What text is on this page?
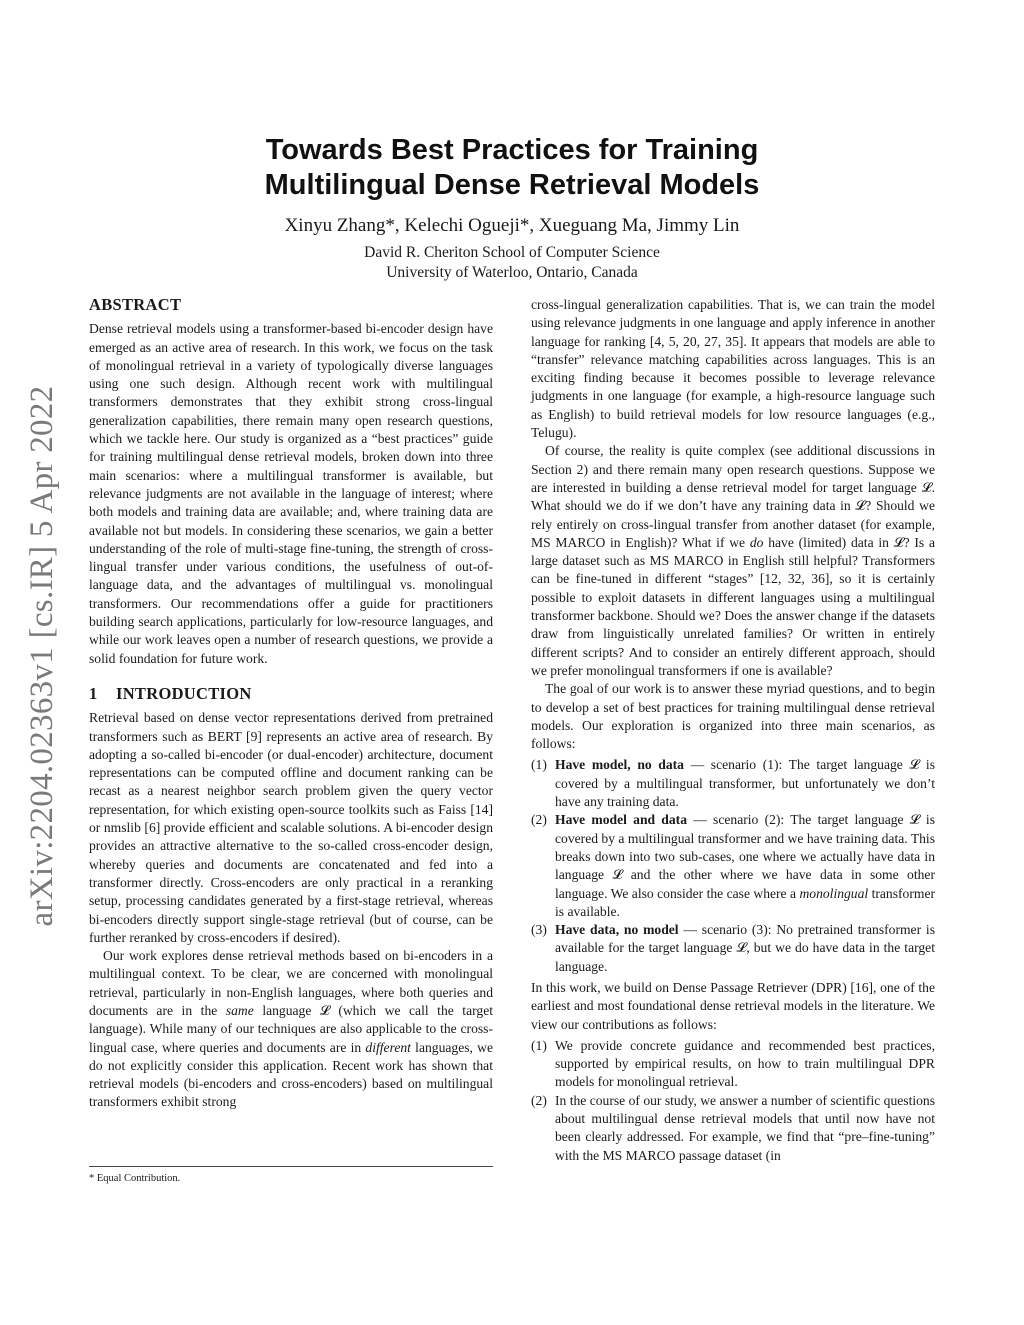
arXiv:2204.02363v1 [cs.IR] 5 Apr 2022
Towards Best Practices for Training
Multilingual Dense Retrieval Models
Xinyu Zhang*, Kelechi Ogueji*, Xueguang Ma, Jimmy Lin
David R. Cheriton School of Computer Science
University of Waterloo, Ontario, Canada
ABSTRACT

Dense retrieval models using a transformer-based bi-encoder design have emerged as an active area of research. In this work, we focus on the task of monolingual retrieval in a variety of typologically diverse languages using one such design. Although recent work with multilingual transformers demonstrates that they exhibit strong cross-lingual generalization capabilities, there remain many open research questions, which we tackle here. Our study is organized as a “best practices” guide for training multilingual dense retrieval models, broken down into three main scenarios: where a multilingual transformer is available, but relevance judgments are not available in the language of interest; where both models and training data are available; and, where training data are available not but models. In considering these scenarios, we gain a better understanding of the role of multi-stage fine-tuning, the strength of cross-lingual transfer under various conditions, the usefulness of out-of-language data, and the advantages of multilingual vs. monolingual transformers. Our recommendations offer a guide for practitioners building search applications, particularly for low-resource languages, and while our work leaves open a number of research questions, we provide a solid foundation for future work.

1 INTRODUCTION

Retrieval based on dense vector representations derived from pretrained transformers such as BERT [9] represents an active area of research. By adopting a so-called bi-encoder (or dual-encoder) architecture, document representations can be computed offline and document ranking can be recast as a nearest neighbor search problem given the query vector representation, for which existing open-source toolkits such as Faiss [14] or nmslib [6] provide efficient and scalable solutions. A bi-encoder design provides an attractive alternative to the so-called cross-encoder design, whereby queries and documents are concatenated and fed into a transformer directly. Cross-encoders are only practical in a reranking setup, processing candidates generated by a first-stage retrieval, whereas bi-encoders directly support single-stage retrieval (but of course, can be further reranked by cross-encoders if desired).

Our work explores dense retrieval methods based on bi-encoders in a multilingual context. To be clear, we are concerned with monolingual retrieval, particularly in non-English languages, where both queries and documents are in the same language 𝓛 (which we call the target language). While many of our techniques are also applicable to the cross-lingual case, where queries and documents are in different languages, we do not explicitly consider this application. Recent work has shown that retrieval models (bi-encoders and cross-encoders) based on multilingual transformers exhibit strong

cross-lingual generalization capabilities. That is, we can train the model using relevance judgments in one language and apply inference in another language for ranking [4, 5, 20, 27, 35]. It appears that models are able to “transfer” relevance matching capabilities across languages. This is an exciting finding because it becomes possible to leverage relevance judgments in one language (for example, a high-resource language such as English) to build retrieval models for low resource languages (e.g., Telugu).

Of course, the reality is quite complex (see additional discussions in Section 2) and there remain many open research questions. Suppose we are interested in building a dense retrieval model for target language 𝓛. What should we do if we don’t have any training data in 𝓛? Should we rely entirely on cross-lingual transfer from another dataset (for example, MS MARCO in English)? What if we do have (limited) data in 𝓛? Is a large dataset such as MS MARCO in English still helpful? Transformers can be fine-tuned in different “stages” [12, 32, 36], so it is certainly possible to exploit datasets in different languages using a multilingual transformer backbone. Should we? Does the answer change if the datasets draw from linguistically unrelated families? Or written in entirely different scripts? And to consider an entirely different approach, should we prefer monolingual transformers if one is available?

The goal of our work is to answer these myriad questions, and to begin to develop a set of best practices for training multilingual dense retrieval models. Our exploration is organized into three main scenarios, as follows:

(1) Have model, no data — scenario (1): The target language 𝓛 is covered by a multilingual transformer, but unfortunately we don’t have any training data.
(2) Have model and data — scenario (2): The target language 𝓛 is covered by a multilingual transformer and we have training data. This breaks down into two sub-cases, one where we actually have data in language 𝓛 and the other where we have data in some other language. We also consider the case where a monolingual transformer is available.
(3) Have data, no model — scenario (3): No pretrained transformer is available for the target language 𝓛, but we do have data in the target language.

In this work, we build on Dense Passage Retriever (DPR) [16], one of the earliest and most foundational dense retrieval models in the literature. We view our contributions as follows:

(1) We provide concrete guidance and recommended best practices, supported by empirical results, on how to train multilingual DPR models for monolingual retrieval.
(2) In the course of our study, we answer a number of scientific questions about multilingual dense retrieval models that until now have not been clearly addressed. For example, we find that “pre–fine-tuning” with the MS MARCO passage dataset (in
* Equal Contribution.
